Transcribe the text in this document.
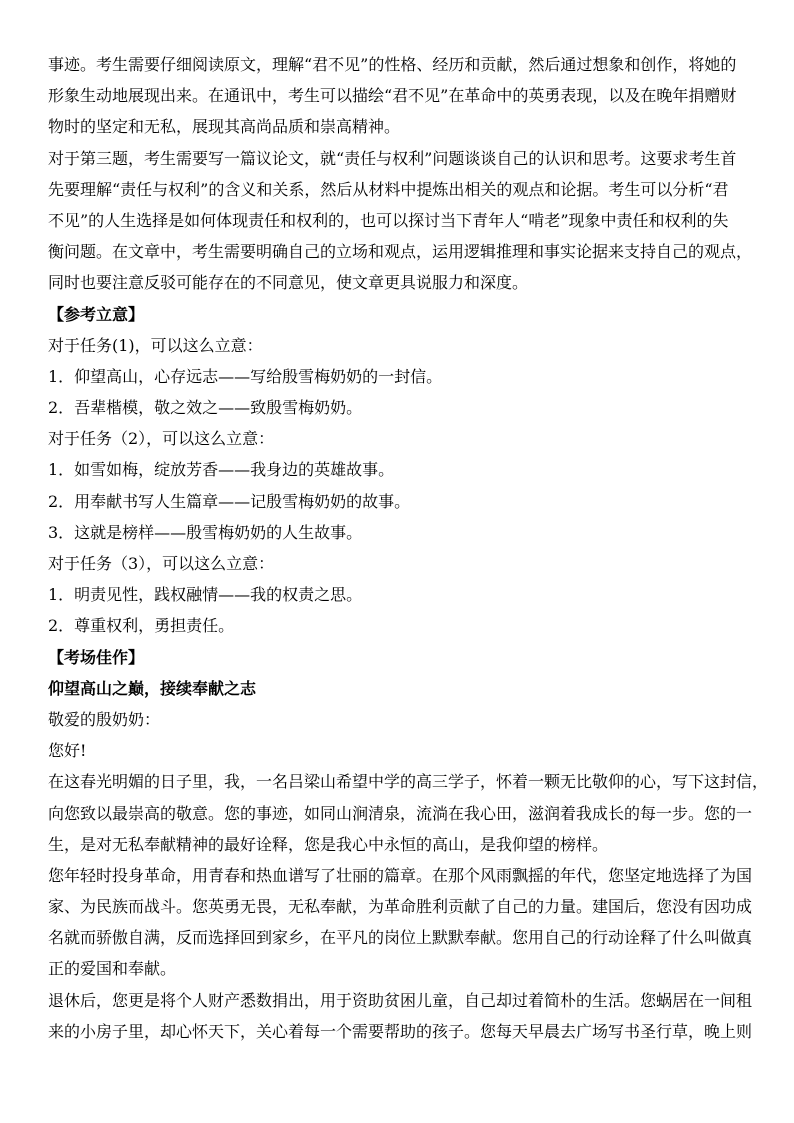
事迹。考生需要仔细阅读原文，理解“君不见”的性格、经历和贡献，然后通过想象和创作，将她的
形象生动地展现出来。在通讯中，考生可以描绘“君不见”在革命中的英勇表现，以及在晚年捐赠财
物时的坚定和无私，展现其高尚品质和崇高精神。
对于第三题，考生需要写一篇议论文，就“责任与权利”问题谈谈自己的认识和思考。这要求考生首
先要理解“责任与权利”的含义和关系，然后从材料中提炼出相关的观点和论据。考生可以分析“君
不见”的人生选择是如何体现责任和权利的，也可以探讨当下青年人“啃老”现象中责任和权利的失
衡问题。在文章中，考生需要明确自己的立场和观点，运用逻辑推理和事实论据来支持自己的观点，
同时也要注意反驳可能存在的不同意见，使文章更具说服力和深度。
【参考立意】
对于任务(1)，可以这么立意：
1．仰望高山，心存远志——写给殷雪梅奶奶的一封信。
2．吾辈楷模，敬之效之——致殷雪梅奶奶。
对于任务（2），可以这么立意：
1．如雪如梅，绽放芳香——我身边的英雄故事。
2．用奉献书写人生篇章——记殷雪梅奶奶的故事。
3．这就是榜样——殷雪梅奶奶的人生故事。
对于任务（3），可以这么立意：
1．明责见性，践权融情——我的权责之思。
2．尊重权利，勇担责任。
【考场佳作】
仰望高山之巅，接续奉献之志
敬爱的殷奶奶：
您好!
在这春光明媚的日子里，我，一名吕梁山希望中学的高三学子，怀着一颗无比敬仰的心，写下这封信，
向您致以最崇高的敬意。您的事迹，如同山涧清泉，流淌在我心田，滋润着我成长的每一步。您的一
生，是对无私奉献精神的最好诠释，您是我心中永恒的高山，是我仰望的榜样。
您年轻时投身革命，用青春和热血谱写了壮丽的篇章。在那个风雨飘摇的年代，您坚定地选择了为国
家、为民族而战斗。您英勇无畏，无私奉献，为革命胜利贡献了自己的力量。建国后，您没有因功成
名就而骄傲自满，反而选择回到家乡，在平凡的岗位上默默奉献。您用自己的行动诠释了什么叫做真
正的爱国和奉献。
退休后，您更是将个人财产悉数捐出，用于资助贫困儿童，自己却过着简朴的生活。您蜗居在一间租
来的小房子里，却心怀天下，关心着每一个需要帮助的孩子。您每天早晨去广场写书圣行草，晚上则
